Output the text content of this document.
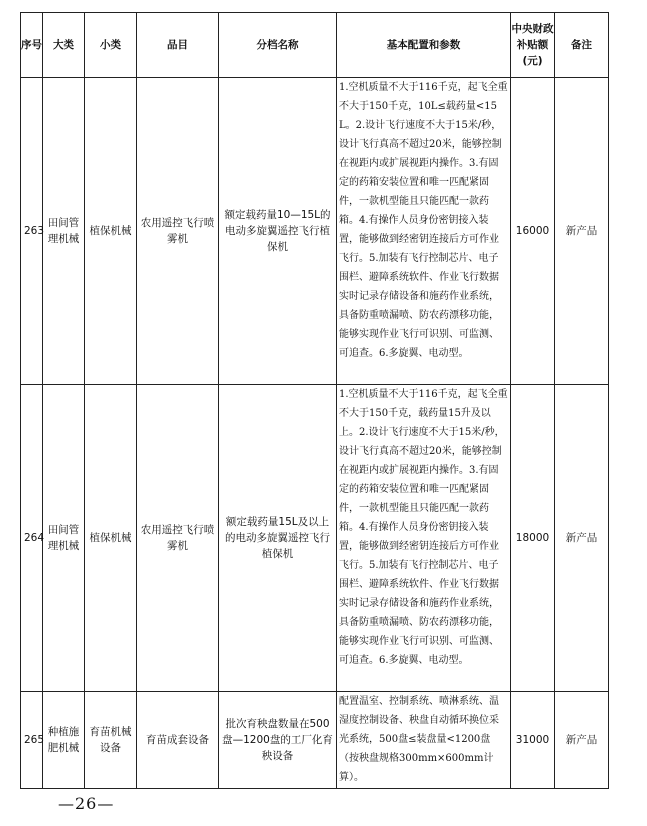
序号	大类	小类	品目	分档名称	基本配置和参数	中央财政补贴额(元)	备注
263	田间管理机械	植保机械	农用遥控飞行喷雾机	额定载药量10—15L的电动多旋翼遥控飞行植保机	1.空机质量不大于116千克，起飞全重不大于150千克，10L≤载药量<15L。2.设计飞行速度不大于15米/秒，设计飞行真高不超过20米，能够控制在视距内或扩展视距内操作。3.有固定的药箱安装位置和唯一匹配紧固件，一款机型能且只能匹配一款药箱。4.有操作人员身份密钥接入装置，能够做到经密钥连接后方可作业飞行。5.加装有飞行控制芯片、电子围栏、避障系统软件、作业飞行数据实时记录存储设备和施药作业系统，具备防重喷漏喷、防农药漂移功能，能够实现作业飞行可识别、可监测、可追查。6.多旋翼、电动型。	16000	新产品
264	田间管理机械	植保机械	农用遥控飞行喷雾机	额定载药量15L及以上的电动多旋翼遥控飞行植保机	1.空机质量不大于116千克，起飞全重不大于150千克，载药量15升及以上。2.设计飞行速度不大于15米/秒，设计飞行真高不超过20米，能够控制在视距内或扩展视距内操作。3.有固定的药箱安装位置和唯一匹配紧固件，一款机型能且只能匹配一款药箱。4.有操作人员身份密钥接入装置，能够做到经密钥连接后方可作业飞行。5.加装有飞行控制芯片、电子围栏、避障系统软件、作业飞行数据实时记录存储设备和施药作业系统，具备防重喷漏喷、防农药漂移功能，能够实现作业飞行可识别、可监测、可追查。6.多旋翼、电动型。	18000	新产品
265	种植施肥机械	育苗机械设备	育苗成套设备	批次育秧盘数量在500盘—1200盘的工厂化育秧设备	配置温室、控制系统、喷淋系统、温湿度控制设备、秧盘自动循环换位采光系统，500盘≤装盘量<1200盘（按秧盘规格300mm×600mm计算）。	31000	新产品
—26—
